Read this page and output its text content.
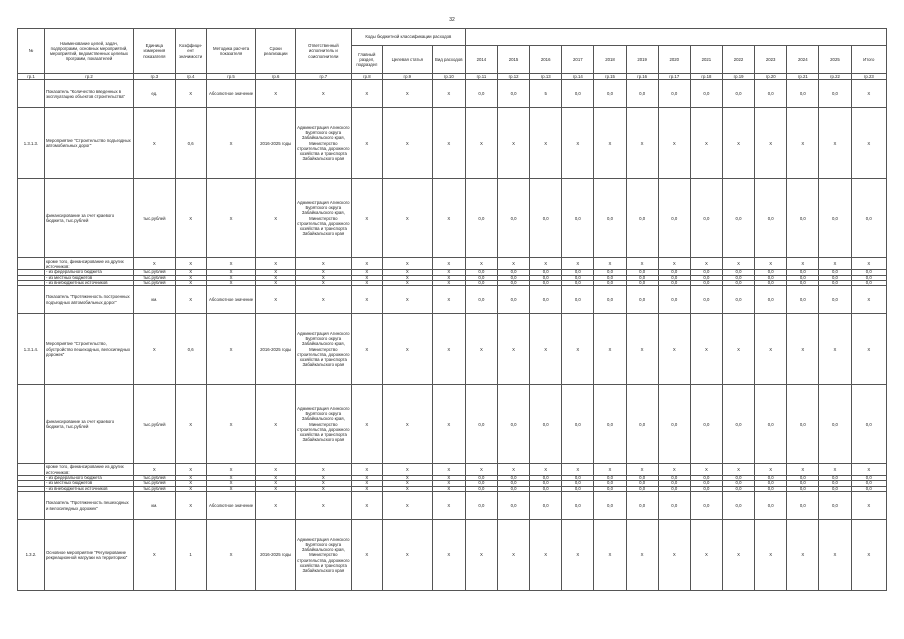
32
№	Наименование целей, задач, подпрограмм, основных мероприятий, мероприятий, ведомственных целевых программ, показателей	Единица измерения показателя	Коэффици-ент значимости	Методика расчета показателя	Сроки реализации	Ответственный исполнитель и соисполнители	Коды бюджетной классификации расходов															
							Главный раздел, подраздел	Целевая статья	Вид расходов	2014	2015	2016	2017	2018	2019	2020	2021	2022	2023	2024	2025	Итого
гр.1	гр.2	гр.3	гр.4	гр.5	гр.6	гр.7	гр.8	гр.9	гр.10	гр.11	гр.12	гр.13	гр.14	гр.15	гр.16	гр.17	гр.18	гр.19	гр.20	гр.21	гр.22	гр.23
	Показатель "Количество введенных в эксплуатацию объектов строительства"	ед.	X	Абсолютное значение	X	X	X	X	X	0,0	0,0	5	0,0	0,0	0,0	0,0	0,0	0,0	0,0	0,0	0,0	X
1.3.1.3.	Мероприятие "Строительство подъездных автомобильных дорог"	X	0,6	X	2016-2025 годы	Администрация Агинского Бурятского округа Забайкальского края, Министерство строительства, дорожного хозяйства и транспорта Забайкальского края	X	X	X	X	X	X	X	X	X	X	X	X	X	X	X	X
	финансирование за счет краевого бюджета, тыс.рублей	тыс.рублей	X	X	X	Администрация Агинского Бурятского округа Забайкальского края, Министерство строительства, дорожного хозяйства и транспорта Забайкальского края	X	X	X	0,0	0,0	0,0	0,0	0,0	0,0	0,0	0,0	0,0	0,0	0,0	0,0	0,0
	кроме того, финансирование из других источников:	X	X	X	X	X	X	X	X	X	X	X	X	X	X	X	X	X	X	X	X	X
	- из федерального бюджета	тыс.рублей	X	X	X	X	X	X	X	0,0	0,0	0,0	0,0	0,0	0,0	0,0	0,0	0,0	0,0	0,0	0,0	0,0
	- из местных бюджетов	тыс.рублей	X	X	X	X	X	X	X	0,0	0,0	0,0	0,0	0,0	0,0	0,0	0,0	0,0	0,0	0,0	0,0	0,0
	- из внебюджетных источников	тыс.рублей	X	X	X	X	X	X	X	0,0	0,0	0,0	0,0	0,0	0,0	0,0	0,0	0,0	0,0	0,0	0,0	0,0
	Показатель "Протяженность построенных подъездных автомобильных дорог"	км.	X	Абсолютное значение	X	X	X	X	X	0,0	0,0	0,0	0,0	0,0	0,0	0,0	0,0	0,0	0,0	0,0	0,0	X
1.3.1.4.	Мероприятие "Строительство, обустройство пешеходных, велосипедных дорожек"	X	0,6	X	2016-2025 годы	Администрация Агинского Бурятского округа Забайкальского края, Министерство строительства, дорожного хозяйства и транспорта Забайкальского края	X	X	X	X	X	X	X	X	X	X	X	X	X	X	X	X
	финансирование за счет краевого бюджета, тыс.рублей	тыс.рублей	X	X	X	Администрация Агинского Бурятского округа Забайкальского края, Министерство строительства, дорожного хозяйства и транспорта Забайкальского края	X	X	X	0,0	0,0	0,0	0,0	0,0	0,0	0,0	0,0	0,0	0,0	0,0	0,0	0,0
	кроме того, финансирование из других источников:	X	X	X	X	X	X	X	X	X	X	X	X	X	X	X	X	X	X	X	X	X
	- из федерального бюджета	тыс.рублей	X	X	X	X	X	X	X	0,0	0,0	0,0	0,0	0,0	0,0	0,0	0,0	0,0	0,0	0,0	0,0	0,0
	- из местных бюджетов	тыс.рублей	X	X	X	X	X	X	X	0,0	0,0	0,0	0,0	0,0	0,0	0,0	0,0	0,0	0,0	0,0	0,0	0,0
	- из внебюджетных источников	тыс.рублей	X	X	X	X	X	X	X	0,0	0,0	0,0	0,0	0,0	0,0	0,0	0,0	0,0	0,0	0,0	0,0	0,0
	Показатель "Протяженность пешеходных и велосипедных дорожек"	км.	X	Абсолютное значение	X	X	X	X	X	0,0	0,0	0,0	0,0	0,0	0,0	0,0	0,0	0,0	0,0	0,0	0,0	X
1.3.2.	Основное мероприятие "Регулирование рекреационной нагрузки на территорию"	X	1	X	2016-2025 годы	Администрация Агинского Бурятского округа Забайкальского края, Министерство строительства, дорожного хозяйства и транспорта Забайкальского края	X	X	X	X	X	X	X	X	X	X	X	X	X	X	X	X
